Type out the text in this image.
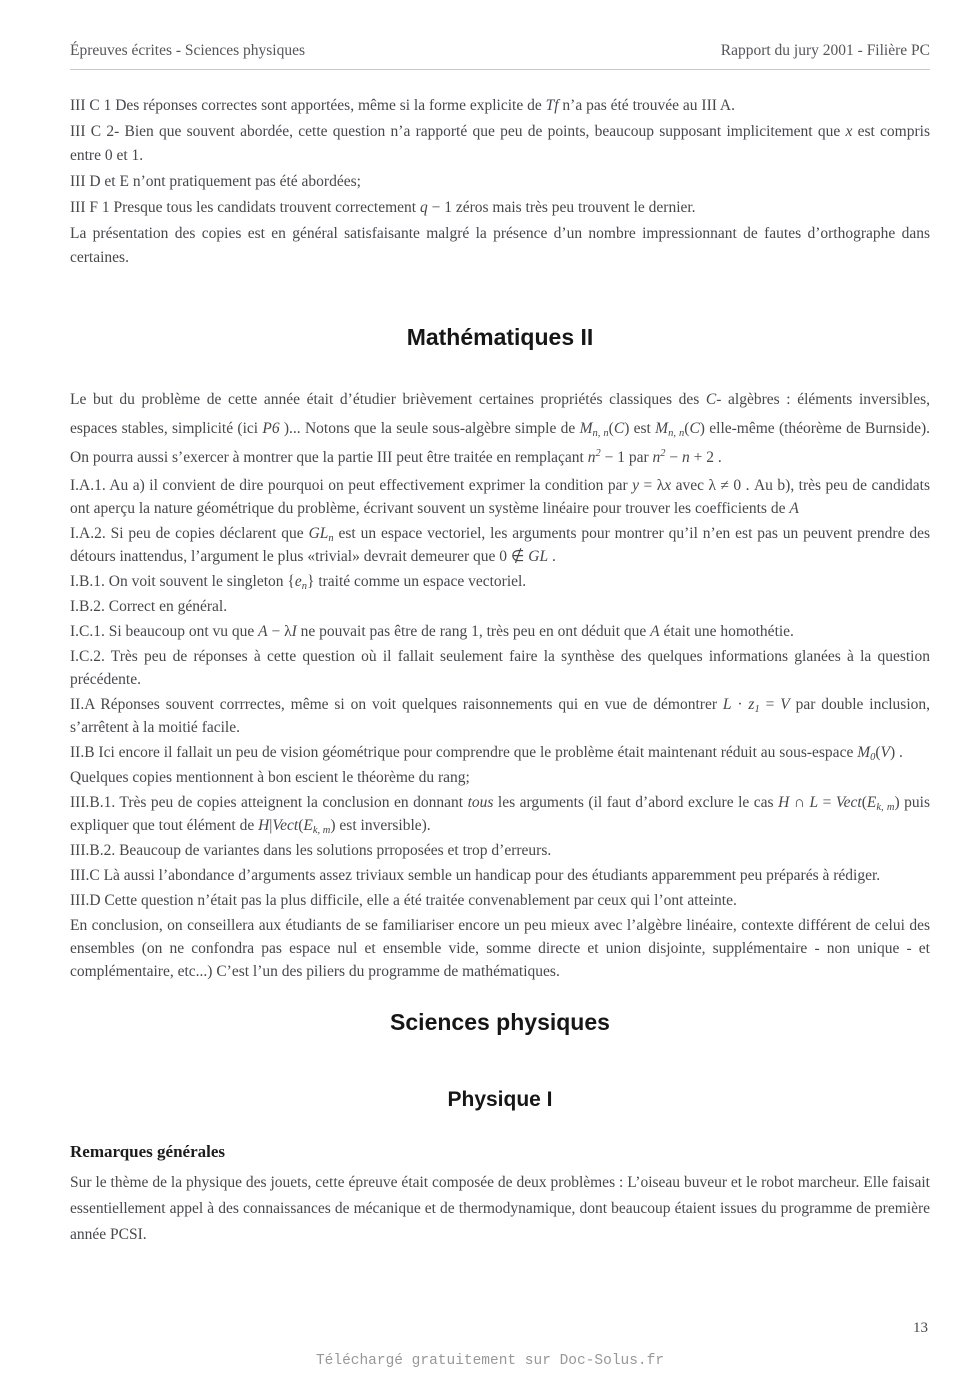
Épreuves écrites - Sciences physiques	Rapport du jury 2001 - Filière PC

III C 1 Des réponses correctes sont apportées, même si la forme explicite de Tf n’a pas été trouvée au III A.

III C 2- Bien que souvent abordée, cette question n’a rapporté que peu de points, beaucoup supposant implicitement que x est compris entre 0 et 1.

III D et E n’ont pratiquement pas été abordées;

III F 1 Presque tous les candidats trouvent correctement q − 1 zéros mais très peu trouvent le dernier.

La présentation des copies est en général satisfaisante malgré la présence d’un nombre impressionnant de fautes d’orthographe dans certaines.

Mathématiques II

Le but du problème de cette année était d’étudier brièvement certaines propriétés classiques des C- algèbres : éléments inversibles, espaces stables, simplicité (ici P6 )... Notons que la seule sous-algèbre simple de $M_{n, n}(C)$ est $M_{n, n}(C)$ elle-même (théorème de Burnside). On pourra aussi s’exercer à montrer que la partie III peut être traitée en remplaçant $n^2 - 1$ par $n^2 - n + 2$ .

I.A.1. Au a) il convient de dire pourquoi on peut effectivement exprimer la condition par y = λx avec λ ≠ 0 . Au b), très peu de candidats ont aperçu la nature géométrique du problème, écrivant souvent un système linéaire pour trouver les coefficients de A

I.A.2. Si peu de copies déclarent que $GL_n$ est un espace vectoriel, les arguments pour montrer qu’il n’en est pas un peuvent prendre des détours inattendus, l’argument le plus «trivial» devrait demeurer que 0 ∉ GL .

I.B.1. On voit souvent le singleton $\{e_n\}$ traité comme un espace vectoriel.

I.B.2. Correct en général.

I.C.1. Si beaucoup ont vu que A − λI ne pouvait pas être de rang 1, très peu en ont déduit que A était une homothétie.

I.C.2. Très peu de réponses à cette question où il fallait seulement faire la synthèse des quelques informations glanées à la question précédente.

II.A Réponses souvent corrrectes, même si on voit quelques raisonnements qui en vue de démontrer $L \cdot z_1 = V$ par double inclusion, s’arrêtent à la moitié facile.

II.B Ici encore il fallait un peu de vision géométrique pour comprendre que le problème était maintenant réduit au sous-espace $M_0(V)$ .

Quelques copies mentionnent à bon escient le théorème du rang;

III.B.1. Très peu de copies atteignent la conclusion en donnant tous les arguments (il faut d’abord exclure le cas H ∩ $L = Vect(E_{k, m})$ puis expliquer que tout élément de $H|Vect(E_{k, m})$ est inversible).

III.B.2. Beaucoup de variantes dans les solutions prroposées et trop d’erreurs.

III.C Là aussi l’abondance d’arguments assez triviaux semble un handicap pour des étudiants apparemment peu préparés à rédiger.

III.D Cette question n’était pas la plus difficile, elle a été traitée convenablement par ceux qui l’ont atteinte.

En conclusion, on conseillera aux étudiants de se familiariser encore un peu mieux avec l’algèbre linéaire, contexte différent de celui des ensembles (on ne confondra pas espace nul et ensemble vide, somme directe et union disjointe, supplémentaire - non unique - et complémentaire, etc...) C’est l’un des piliers du programme de mathématiques.

Sciences physiques
Physique I
Remarques générales

Sur le thème de la physique des jouets, cette épreuve était composée de deux problèmes : L’oiseau buveur et le robot marcheur. Elle faisait essentiellement appel à des connaissances de mécanique et de thermodynamique, dont beaucoup étaient issues du programme de première année PCSI.

13
Téléchargé gratuitement sur Doc-Solus.fr
